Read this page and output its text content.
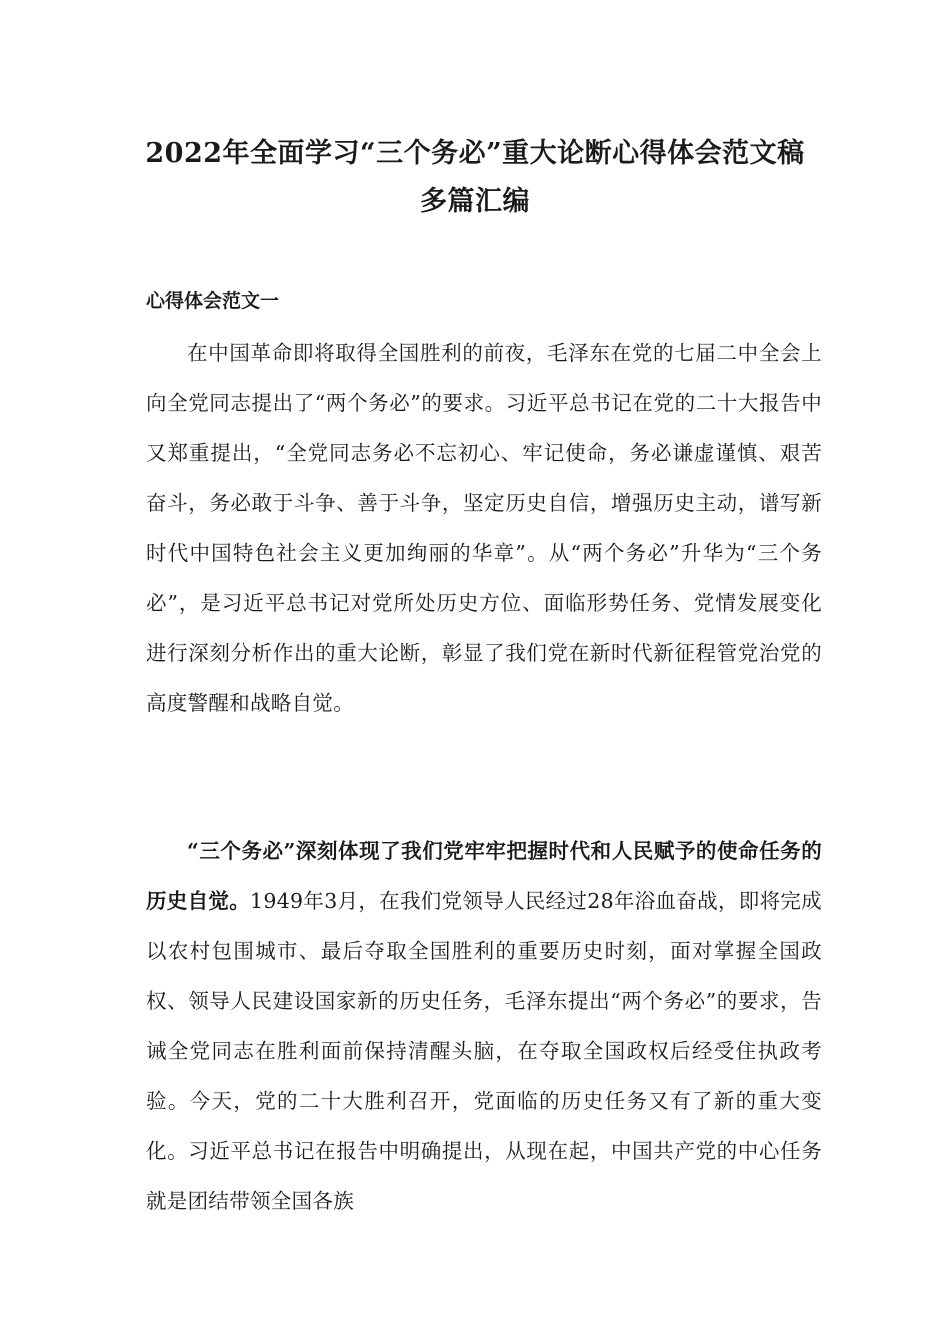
2022年全面学习“三个务必”重大论断心得体会范文稿多篇汇编
心得体会范文一

在中国革命即将取得全国胜利的前夜，毛泽东在党的七届二中全会上向全党同志提出了“两个务必”的要求。习近平总书记在党的二十大报告中又郑重提出，“全党同志务必不忘初心、牢记使命，务必谦虚谨慎、艰苦奋斗，务必敢于斗争、善于斗争，坚定历史自信，增强历史主动，谱写新时代中国特色社会主义更加绚丽的华章”。从“两个务必”升华为“三个务必”，是习近平总书记对党所处历史方位、面临形势任务、党情发展变化进行深刻分析作出的重大论断，彰显了我们党在新时代新征程管党治党的高度警醒和战略自觉。

“三个务必”深刻体现了我们党牢牢把握时代和人民赋予的使命任务的历史自觉。1949年3月，在我们党领导人民经过28年浴血奋战，即将完成以农村包围城市、最后夺取全国胜利的重要历史时刻，面对掌握全国政权、领导人民建设国家新的历史任务，毛泽东提出“两个务必”的要求，告诫全党同志在胜利面前保持清醒头脑，在夺取全国政权后经受住执政考验。今天，党的二十大胜利召开，党面临的历史任务又有了新的重大变化。习近平总书记在报告中明确提出，从现在起，中国共产党的中心任务就是团结带领全国各族
